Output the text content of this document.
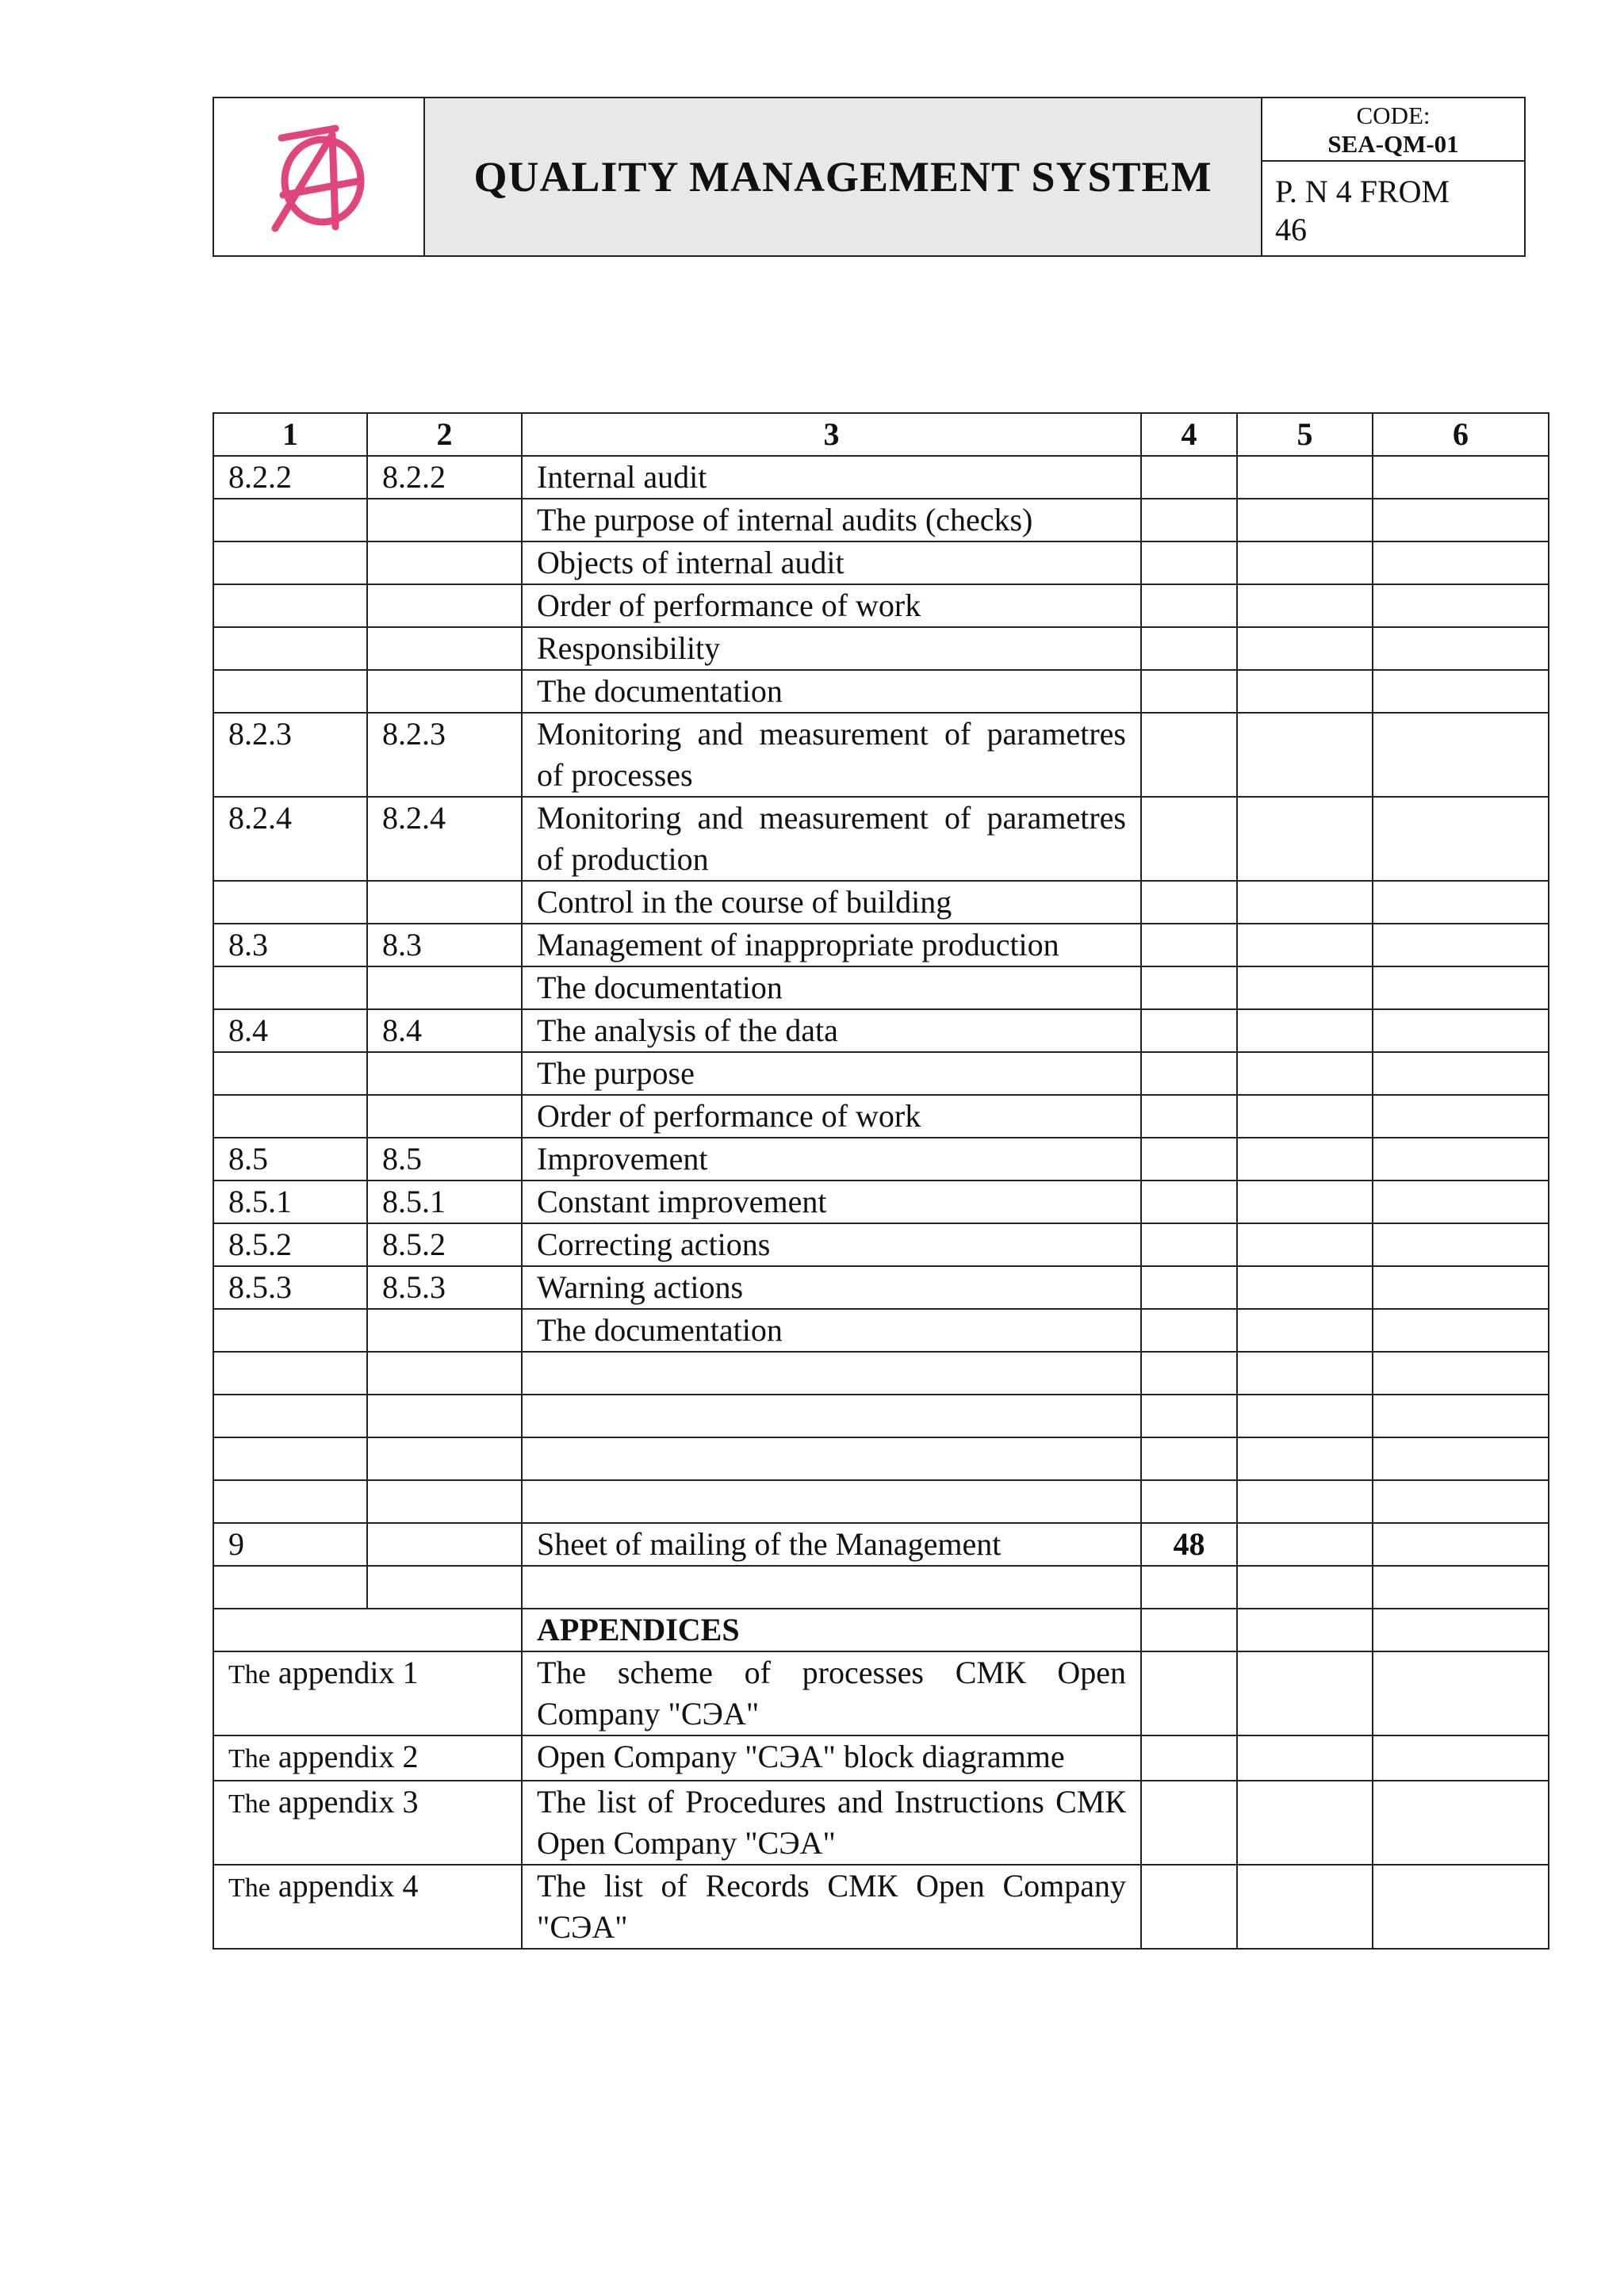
QUALITY MANAGEMENT SYSTEM
CODE:
SEA-QM-01
P. N 4 FROM
46
1	2	3	4	5	6
8.2.2	8.2.2	Internal audit			
		The purpose of internal audits (checks)			
		Objects of internal audit			
		Order of performance of work			
		Responsibility			
		The documentation			
8.2.3	8.2.3	Monitoring and measurement of parametres of processes			
8.2.4	8.2.4	Monitoring and measurement of parametres of production			
		Control in the course of building			
8.3	8.3	Management of inappropriate production			
		The documentation			
8.4	8.4	The analysis of the data			
		The purpose			
		Order of performance of work			
8.5	8.5	Improvement			
8.5.1	8.5.1	Constant improvement			
8.5.2	8.5.2	Correcting actions			
8.5.3	8.5.3	Warning actions			
		The documentation			

9		Sheet of mailing of the Management	48		

		APPENDICES			
The appendix 1		The scheme of processes СМК Open Company "СЭА"			
The appendix 2		Open Company "СЭА" block diagramme			
The appendix 3		The list of Procedures and Instructions СМК Open Company "СЭА"			
The appendix 4		The list of Records СМК Open Company "СЭА"			
